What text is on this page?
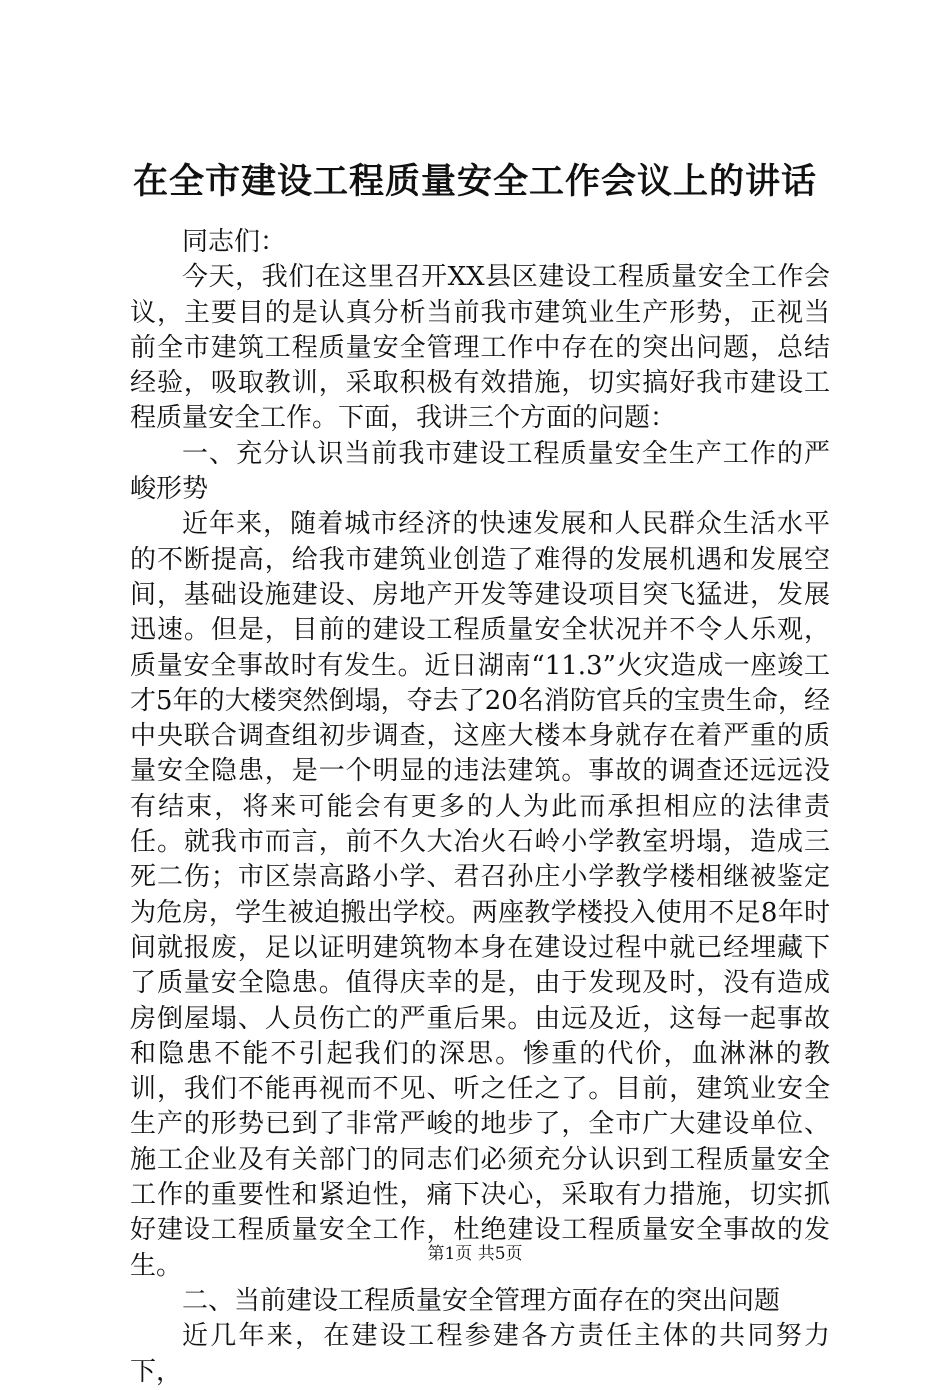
在全市建设工程质量安全工作会议上的讲话

同志们：

今天，我们在这里召开XX县区建设工程质量安全工作会议，主要目的是认真分析当前我市建筑业生产形势，正视当前全市建筑工程质量安全管理工作中存在的突出问题，总结经验，吸取教训，采取积极有效措施，切实搞好我市建设工程质量安全工作。下面，我讲三个方面的问题：

一、充分认识当前我市建设工程质量安全生产工作的严峻形势

近年来，随着城市经济的快速发展和人民群众生活水平的不断提高，给我市建筑业创造了难得的发展机遇和发展空间，基础设施建设、房地产开发等建设项目突飞猛进，发展迅速。但是，目前的建设工程质量安全状况并不令人乐观，质量安全事故时有发生。近日湖南“11.3”火灾造成一座竣工才5年的大楼突然倒塌，夺去了20名消防官兵的宝贵生命，经中央联合调查组初步调查，这座大楼本身就存在着严重的质量安全隐患，是一个明显的违法建筑。事故的调查还远远没有结束，将来可能会有更多的人为此而承担相应的法律责任。就我市而言，前不久大冶火石岭小学教室坍塌，造成三死二伤；市区崇高路小学、君召孙庄小学教学楼相继被鉴定为危房，学生被迫搬出学校。两座教学楼投入使用不足8年时间就报废，足以证明建筑物本身在建设过程中就已经埋藏下了质量安全隐患。值得庆幸的是，由于发现及时，没有造成房倒屋塌、人员伤亡的严重后果。由远及近，这每一起事故和隐患不能不引起我们的深思。惨重的代价，血淋淋的教训，我们不能再视而不见、听之任之了。目前，建筑业安全生产的形势已到了非常严峻的地步了，全市广大建设单位、施工企业及有关部门的同志们必须充分认识到工程质量安全工作的重要性和紧迫性，痛下决心，采取有力措施，切实抓好建设工程质量安全工作，杜绝建设工程质量安全事故的发生。

二、当前建设工程质量安全管理方面存在的突出问题

近几年来，在建设工程参建各方责任主体的共同努力下，

第1页 共5页
